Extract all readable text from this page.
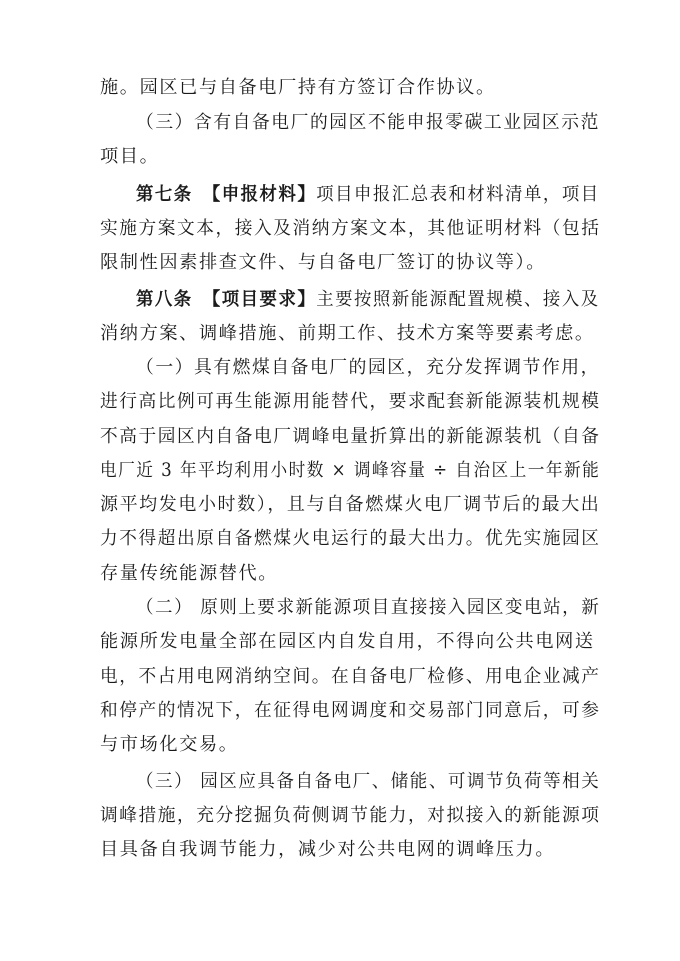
施。园区已与自备电厂持有方签订合作协议。
（三）含有自备电厂的园区不能申报零碳工业园区示范
项目。
第七条　【申报材料】项目申报汇总表和材料清单，项目
实施方案文本，接入及消纳方案文本，其他证明材料（包括
限制性因素排查文件、与自备电厂签订的协议等）。
第八条　【项目要求】主要按照新能源配置规模、接入及
消纳方案、调峰措施、前期工作、技术方案等要素考虑。
（一）具有燃煤自备电厂的园区，充分发挥调节作用，
进行高比例可再生能源用能替代，要求配套新能源装机规模
不高于园区内自备电厂调峰电量折算出的新能源装机（自备
电厂近 3 年平均利用小时数 × 调峰容量 ÷ 自治区上一年新能
源平均发电小时数），且与自备燃煤火电厂调节后的最大出
力不得超出原自备燃煤火电运行的最大出力。优先实施园区
存量传统能源替代。
（二） 原则上要求新能源项目直接接入园区变电站，新
能源所发电量全部在园区内自发自用，不得向公共电网送
电，不占用电网消纳空间。在自备电厂检修、用电企业减产
和停产的情况下，在征得电网调度和交易部门同意后，可参
与市场化交易。
（三） 园区应具备自备电厂、储能、可调节负荷等相关
调峰措施，充分挖掘负荷侧调节能力，对拟接入的新能源项
目具备自我调节能力，减少对公共电网的调峰压力。
